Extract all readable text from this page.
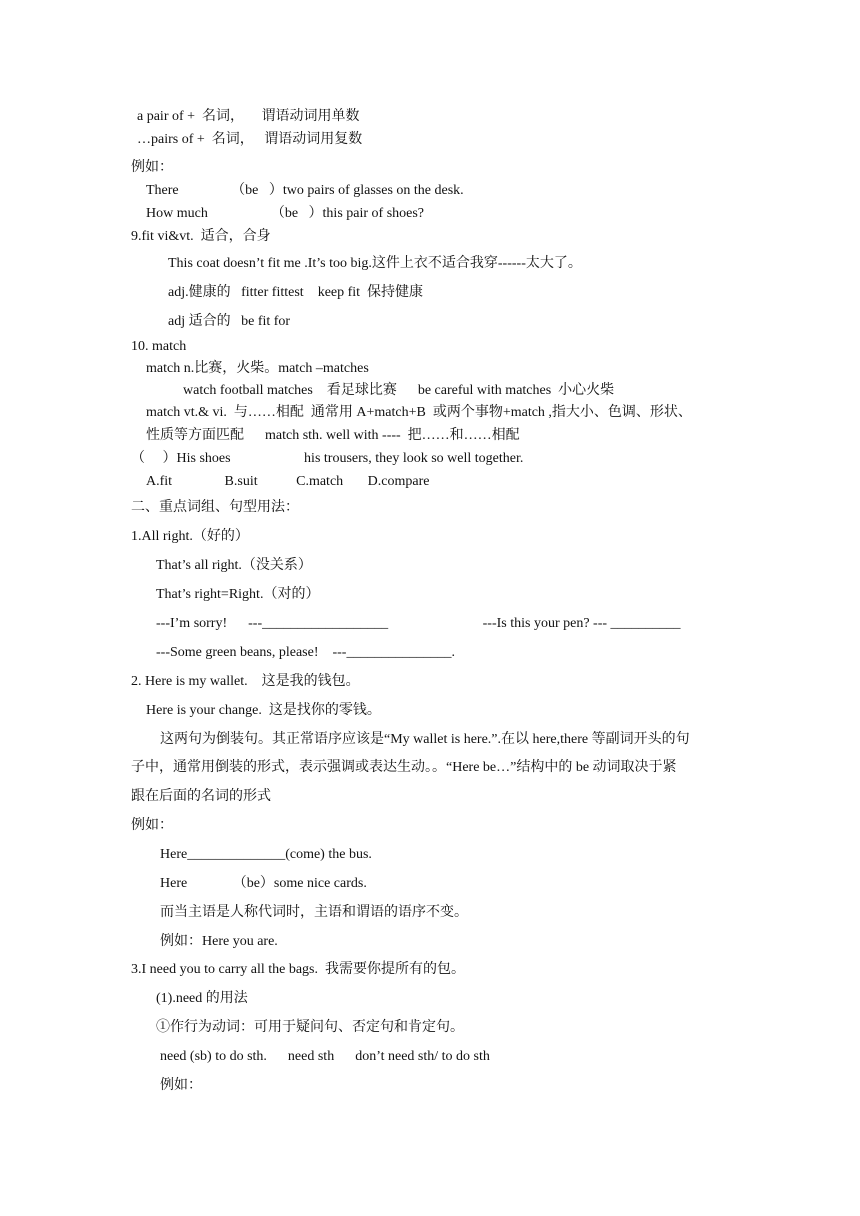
a pair of +  名词，     谓语动词用单数
…pairs of +  名词，   谓语动词用复数
例如：
There               （be   ）two pairs of glasses on the desk.
How much                  （be   ）this pair of shoes?
9.fit vi&vt.  适合，合身
This coat doesn’t fit me .It’s too big.这件上衣不适合我穿------太大了。
adj.健康的   fitter fittest    keep fit  保持健康
adj 适合的   be fit for
10. match
match n.比赛，火柴。match –matches
watch football matches    看足球比赛      be careful with matches  小心火柴
match vt.& vi.  与……相配  通常用 A+match+B  或两个事物+match ,指大小、色调、形状、
性质等方面匹配      match sth. well with ----  把……和……相配
（     ）His shoes                     his trousers, they look so well together.
A.fit               B.suit           C.match       D.compare
二、重点词组、句型用法：
1.All right.（好的）
That’s all right.（没关系）
That’s right=Right.（对的）
---I’m sorry!      ---__________________                           ---Is this your pen? --- __________
---Some green beans, please!    ---_______________.
2. Here is my wallet.    这是我的钱包。
Here is your change.  这是找你的零钱。
这两句为倒装句。其正常语序应该是“My wallet is here.”.在以 here,there 等副词开头的句
子中，通常用倒装的形式，表示强调或表达生动。。“Here be…”结构中的 be 动词取决于紧
跟在后面的名词的形式
例如：
Here______________(come) the bus.
Here             （be）some nice cards.
而当主语是人称代词时，主语和谓语的语序不变。
例如：Here you are.
3.I need you to carry all the bags.  我需要你提所有的包。
(1).need 的用法
①作行为动词：可用于疑问句、否定句和肯定句。
need (sb) to do sth.      need sth      don’t need sth/ to do sth
例如：
